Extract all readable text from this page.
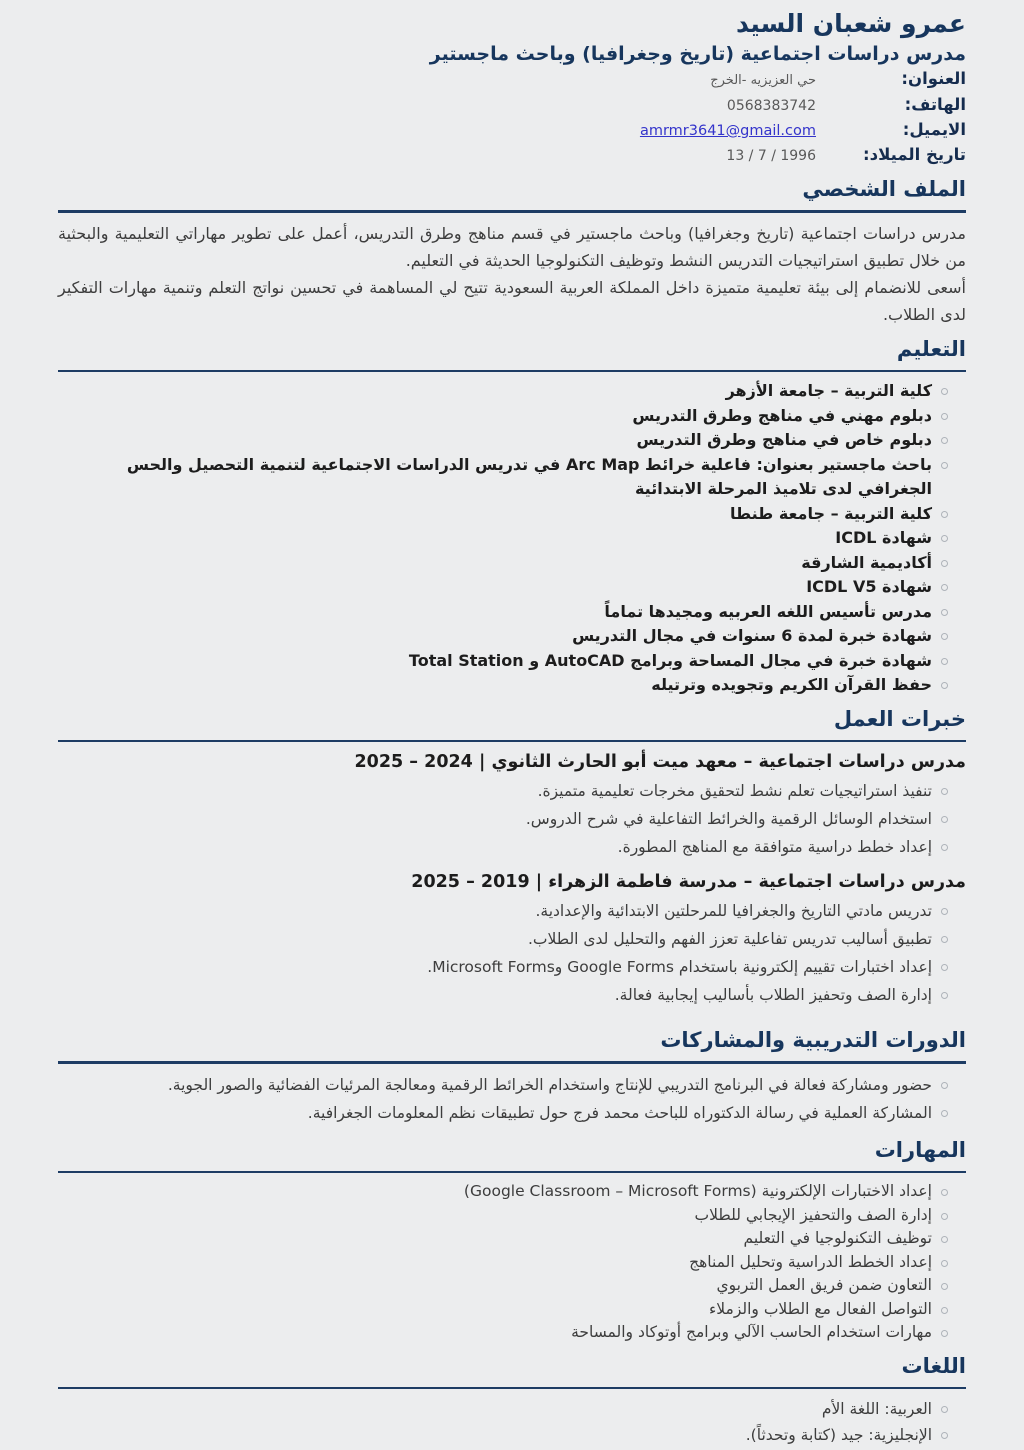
عمرو شعبان السيد
مدرس دراسات اجتماعية (تاريخ وجغرافيا) وباحث ماجستير
العنوان:
حي العزيزيه -الخرج
الهاتف:
0568383742
الايميل:
amrmr3641@gmail.com
تاريخ الميلاد:
13 / 7 / 1996
الملف الشخصي

مدرس دراسات اجتماعية (تاريخ وجغرافيا) وباحث ماجستير في قسم مناهج وطرق التدريس، أعمل على تطوير مهاراتي التعليمية والبحثية من خلال تطبيق استراتيجيات التدريس النشط وتوظيف التكنولوجيا الحديثة في التعليم.

أسعى للانضمام إلى بيئة تعليمية متميزة داخل المملكة العربية السعودية تتيح لي المساهمة في تحسين نواتج التعلم وتنمية مهارات التفكير لدى الطلاب.

التعليم
كلية التربية – جامعة الأزهر
دبلوم مهني في مناهج وطرق التدريس
دبلوم خاص في مناهج وطرق التدريس
باحث ماجستير بعنوان: فاعلية خرائط Arc Map في تدريس الدراسات الاجتماعية لتنمية التحصيل والحس الجغرافي لدى تلاميذ المرحلة الابتدائية
كلية التربية – جامعة طنطا
شهادة ICDL
أكاديمية الشارقة
شهادة ICDL V5
مدرس تأسيس اللغه العربيه ومجيدها تماماً
شهادة خبرة لمدة 6 سنوات في مجال التدريس
شهادة خبرة في مجال المساحة وبرامج AutoCAD و Total Station
حفظ القرآن الكريم وتجويده وترتيله
خبرات العمل
مدرس دراسات اجتماعية – معهد ميت أبو الحارث الثانوي | 2024 – 2025
تنفيذ استراتيجيات تعلم نشط لتحقيق مخرجات تعليمية متميزة.
استخدام الوسائل الرقمية والخرائط التفاعلية في شرح الدروس.
إعداد خطط دراسية متوافقة مع المناهج المطورة.
مدرس دراسات اجتماعية – مدرسة فاطمة الزهراء | 2019 – 2025
تدريس مادتي التاريخ والجغرافيا للمرحلتين الابتدائية والإعدادية.
تطبيق أساليب تدريس تفاعلية تعزز الفهم والتحليل لدى الطلاب.
إعداد اختبارات تقييم إلكترونية باستخدام Google Forms وMicrosoft Forms.
إدارة الصف وتحفيز الطلاب بأساليب إيجابية فعالة.
الدورات التدريبية والمشاركات
حضور ومشاركة فعالة في البرنامج التدريبي للإنتاج واستخدام الخرائط الرقمية ومعالجة المرئيات الفضائية والصور الجوية.
المشاركة العملية في رسالة الدكتوراه للباحث محمد فرج حول تطبيقات نظم المعلومات الجغرافية.
المهارات
إعداد الاختبارات الإلكترونية (Google Classroom – Microsoft Forms)
إدارة الصف والتحفيز الإيجابي للطلاب
توظيف التكنولوجيا في التعليم
إعداد الخطط الدراسية وتحليل المناهج
التعاون ضمن فريق العمل التربوي
التواصل الفعال مع الطلاب والزملاء
مهارات استخدام الحاسب الآلي وبرامج أوتوكاد والمساحة
اللغات
العربية: اللغة الأم
الإنجليزية: جيد (كتابة وتحدثاً).
